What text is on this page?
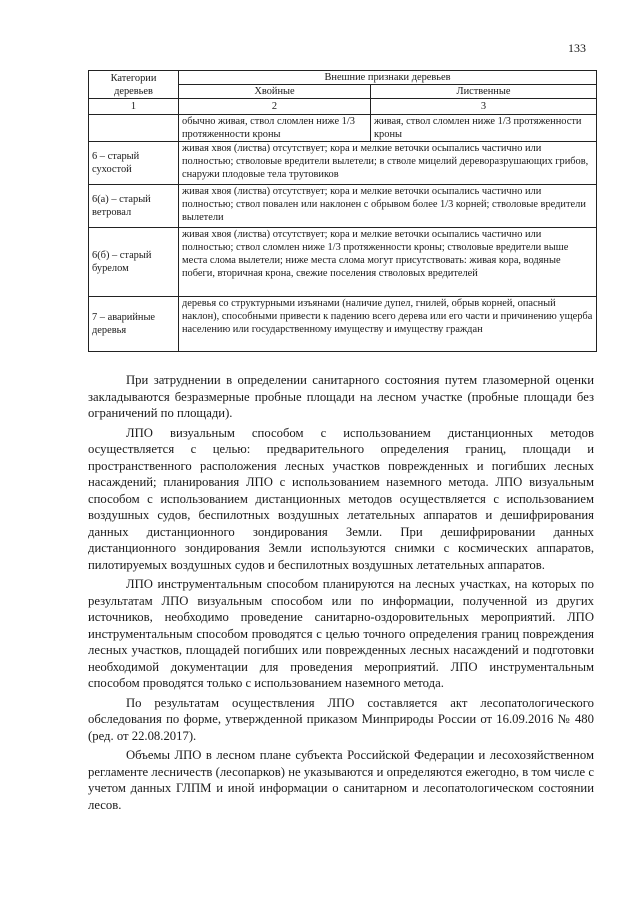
133
Категории деревьев	Внешние признаки деревьев	
	Хвойные	Лиственные
1	2	3
	обычно живая, ствол сломлен ниже 1/3 протяженности кроны	живая, ствол сломлен ниже 1/3 протяженности кроны
6 – старый сухостой	живая хвоя (листва) отсутствует; кора и мелкие веточки осыпались частично или полностью; стволовые вредители вылетели; в стволе мицелий дереворазрушающих грибов, снаружи плодовые тела трутовиков	
6(а) – старый ветровал	живая хвоя (листва) отсутствует; кора и мелкие веточки осыпались частично или полностью; ствол повален или наклонен с обрывом более 1/3 корней; стволовые вредители вылетели	
6(б) – старый бурелом	живая хвоя (листва) отсутствует; кора и мелкие веточки осыпались частично или полностью; ствол сломлен ниже 1/3 протяженности кроны; стволовые вредители выше места слома вылетели; ниже места слома могут присутствовать: живая кора, водяные побеги, вторичная крона, свежие поселения стволовых вредителей	
7 – аварийные деревья	деревья со структурными изъянами (наличие дупел, гнилей, обрыв корней, опасный наклон), способными привести к падению всего дерева или его части и причинению ущерба населению или государственному имуществу и имуществу граждан	

При затруднении в определении санитарного состояния путем глазомерной оценки закладываются безразмерные пробные площади на лесном участке (пробные площади без ограничений по площади).

ЛПО визуальным способом с использованием дистанционных методов осуществляется с целью: предварительного определения границ, площади и пространственного расположения лесных участков поврежденных и погибших лесных насаждений; планирования ЛПО с использованием наземного метода. ЛПО визуальным способом с использованием дистанционных методов осуществляется с использованием воздушных судов, беспилотных воздушных летательных аппаратов и дешифрирования данных дистанционного зондирования Земли. При дешифрировании данных дистанционного зондирования Земли используются снимки с космических аппаратов, пилотируемых воздушных судов и беспилотных воздушных летательных аппаратов.

ЛПО инструментальным способом планируются на лесных участках, на которых по результатам ЛПО визуальным способом или по информации, полученной из других источников, необходимо проведение санитарно-оздоровительных мероприятий. ЛПО инструментальным способом проводятся с целью точного определения границ повреждения лесных участков, площадей погибших или поврежденных лесных насаждений и подготовки необходимой документации для проведения мероприятий. ЛПО инструментальным способом проводятся только с использованием наземного метода.

По результатам осуществления ЛПО составляется акт лесопатологического обследования по форме, утвержденной приказом Минприроды России от 16.09.2016 № 480 (ред. от 22.08.2017).

Объемы ЛПО в лесном плане субъекта Российской Федерации и лесохозяйственном регламенте лесничеств (лесопарков) не указываются и определяются ежегодно, в том числе с учетом данных ГЛПМ и иной информации о санитарном и лесопатологическом состоянии лесов.
